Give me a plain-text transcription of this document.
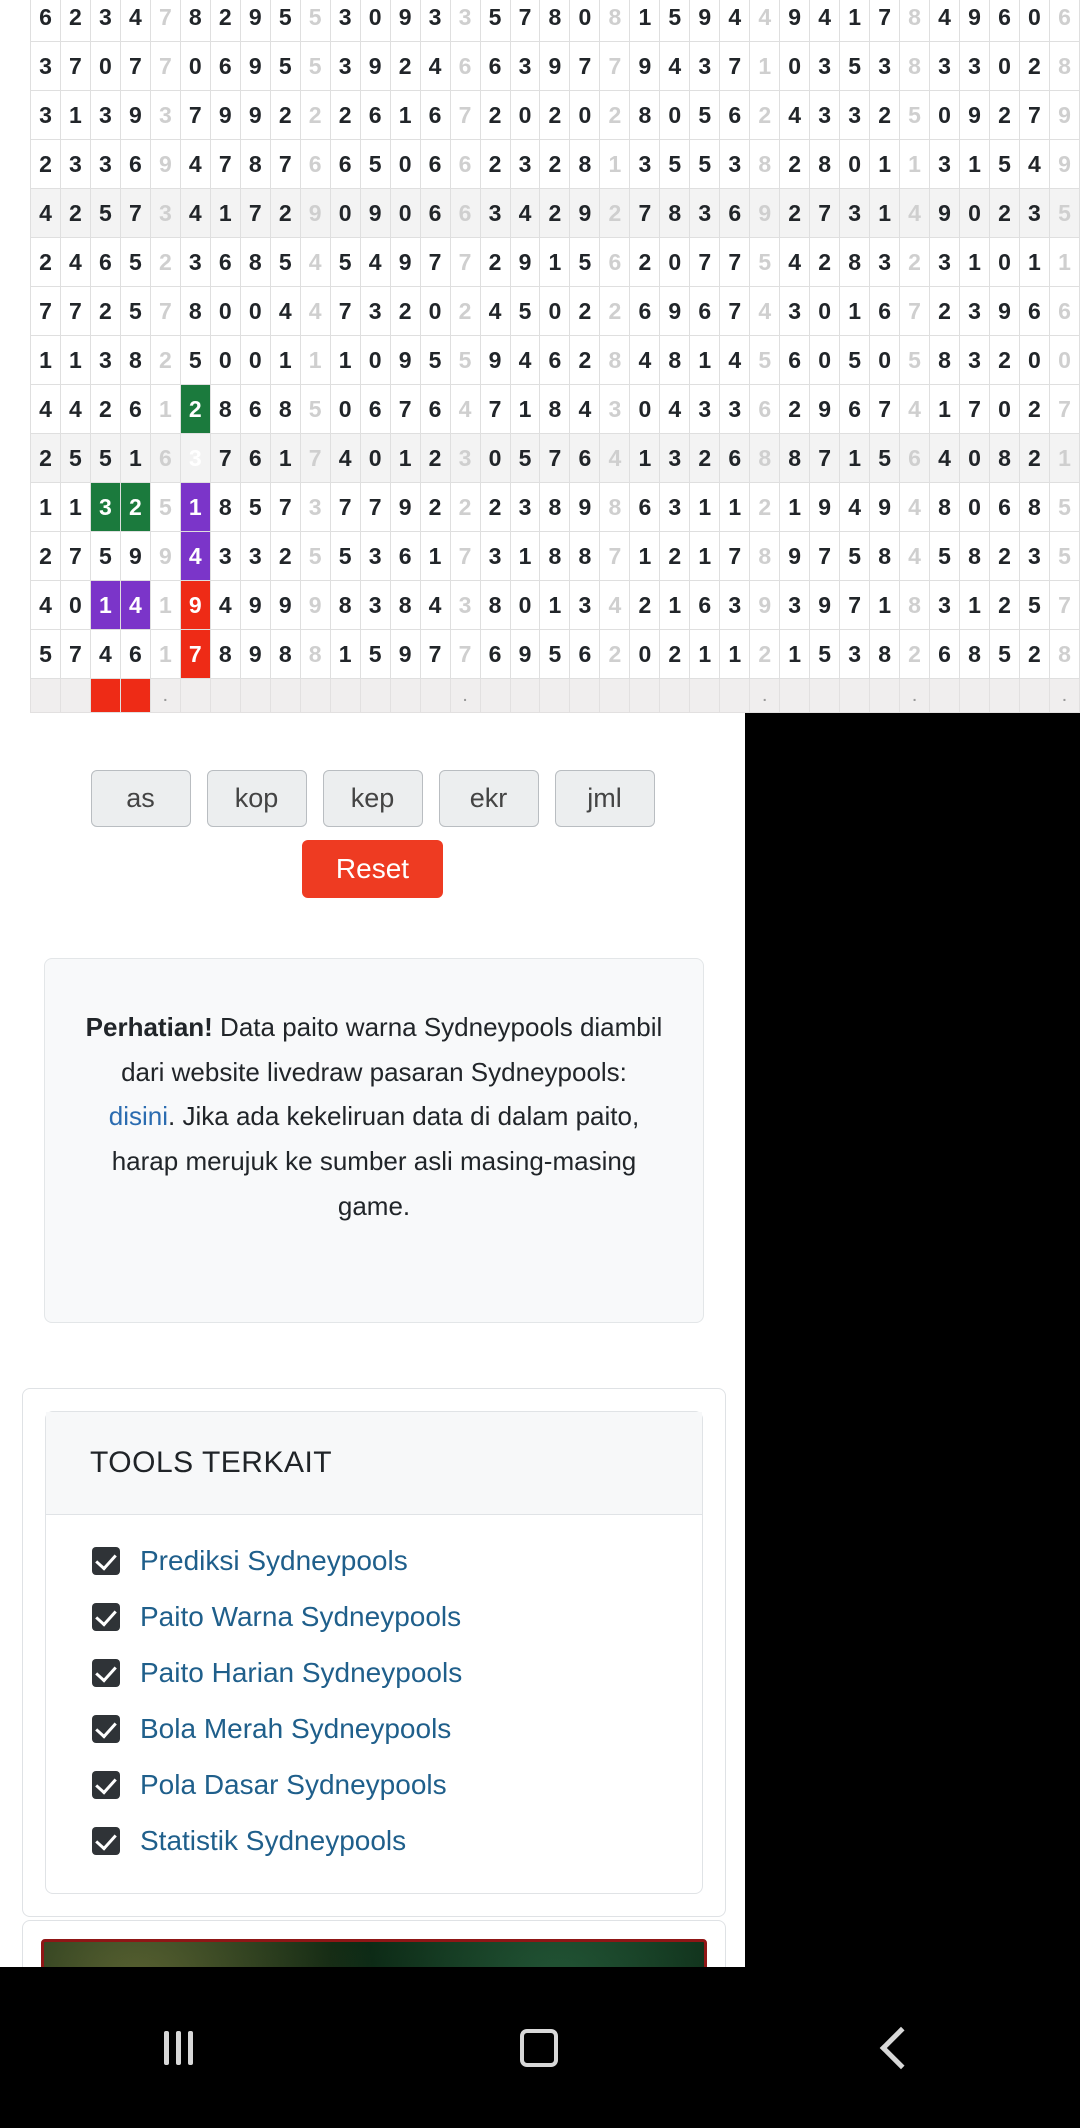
6	2	3	4	7	8	2	9	5	5	3	0	9	3	3	5	7	8	0	8	1	5	9	4	4	9	4	1	7	8	4	9	6	0	6
3	7	0	7	7	0	6	9	5	5	3	9	2	4	6	6	3	9	7	7	9	4	3	7	1	0	3	5	3	8	3	3	0	2	8
3	1	3	9	3	7	9	9	2	2	2	6	1	6	7	2	0	2	0	2	8	0	5	6	2	4	3	3	2	5	0	9	2	7	9
2	3	3	6	9	4	7	8	7	6	6	5	0	6	6	2	3	2	8	1	3	5	5	3	8	2	8	0	1	1	3	1	5	4	9
4	2	5	7	3	4	1	7	2	9	0	9	0	6	6	3	4	2	9	2	7	8	3	6	9	2	7	3	1	4	9	0	2	3	5
2	4	6	5	2	3	6	8	5	4	5	4	9	7	7	2	9	1	5	6	2	0	7	7	5	4	2	8	3	2	3	1	0	1	1
7	7	2	5	7	8	0	0	4	4	7	3	2	0	2	4	5	0	2	2	6	9	6	7	4	3	0	1	6	7	2	3	9	6	6
1	1	3	8	2	5	0	0	1	1	1	0	9	5	5	9	4	6	2	8	4	8	1	4	5	6	0	5	0	5	8	3	2	0	0
4	4	2	6	1	2	8	6	8	5	0	6	7	6	4	7	1	8	4	3	0	4	3	3	6	2	9	6	7	4	1	7	0	2	7
2	5	5	1	6	3	7	6	1	7	4	0	1	2	3	0	5	7	6	4	1	3	2	6	8	8	7	1	5	6	4	0	8	2	1
1	1	3	2	5	1	8	5	7	3	7	7	9	2	2	2	3	8	9	8	6	3	1	1	2	1	9	4	9	4	8	0	6	8	5
2	7	5	9	9	4	3	3	2	5	5	3	6	1	7	3	1	8	8	7	1	2	1	7	8	9	7	5	8	4	5	8	2	3	5
4	0	1	4	1	9	4	9	9	9	8	3	8	4	3	8	0	1	3	4	2	1	6	3	9	3	9	7	1	8	3	1	2	5	7
5	7	4	6	1	7	8	9	8	8	1	5	9	7	7	6	9	5	6	2	0	2	1	1	2	1	5	3	8	2	6	8	5	2	8
				.										.										.					.					.
as	kop	kep	ekr	jml
Reset
Perhatian! Data paito warna Sydneypools diambil dari website livedraw pasaran Sydneypools: disini. Jika ada kekeliruan data di dalam paito, harap merujuk ke sumber asli masing-masing game.
TOOLS TERKAIT
Prediksi Sydneypools
Paito Warna Sydneypools
Paito Harian Sydneypools
Bola Merah Sydneypools
Pola Dasar Sydneypools
Statistik Sydneypools
